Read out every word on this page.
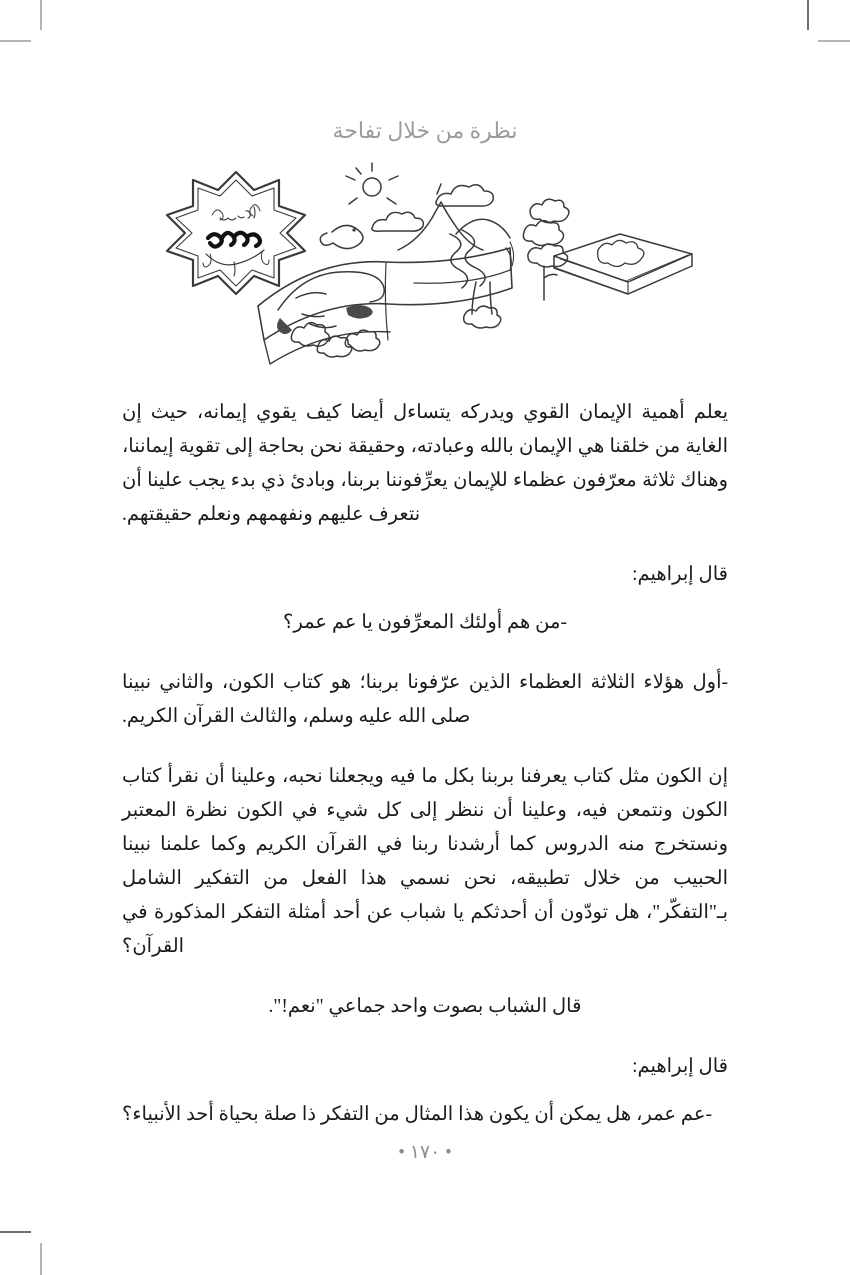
نظرة من خلال تفاحة

يعلم أهمية الإيمان القوي ويدركه يتساءل أيضا كيف يقوي إيمانه، حيث إن الغاية من خلقنا هي الإيمان بالله وعبادته، وحقيقة نحن بحاجة إلى تقوية إيماننا، وهناك ثلاثة معرّفون عظماء للإيمان يعرِّفوننا بربنا، وبادئ ذي بدء يجب علينا أن نتعرف عليهم ونفهمهم ونعلم حقيقتهم.

قال إبراهيم:

-من هم أولئك المعرِّفون يا عم عمر؟

-أول هؤلاء الثلاثة العظماء الذين عرّفونا بربنا؛ هو كتاب الكون، والثاني نبينا صلى الله عليه وسلم، والثالث القرآن الكريم.

إن الكون مثل كتاب يعرفنا بربنا بكل ما فيه ويجعلنا نحبه، وعلينا أن نقرأ كتاب الكون ونتمعن فيه، وعلينا أن ننظر إلى كل شيء في الكون نظرة المعتبر ونستخرج منه الدروس كما أرشدنا ربنا في القرآن الكريم وكما علمنا نبينا الحبيب من خلال تطبيقه، نحن نسمي هذا الفعل من التفكير الشامل بـ"التفكّر"، هل تودّون أن أحدثكم يا شباب عن أحد أمثلة التفكر المذكورة في القرآن؟

قال الشباب بصوت واحد جماعي "نعم!".

قال إبراهيم:

-عم عمر، هل يمكن أن يكون هذا المثال من التفكر ذا صلة بحياة أحد الأنبياء؟

• ١٧٠ •
